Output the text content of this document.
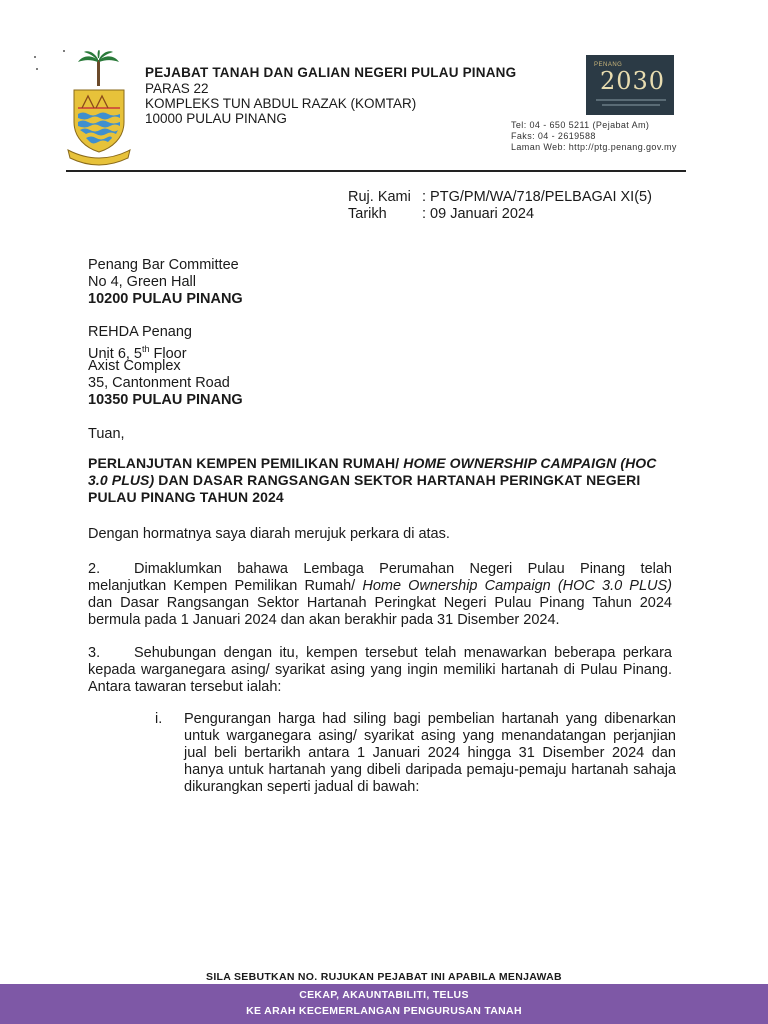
PEJABAT TANAH DAN GALIAN NEGERI PULAU PINANG
PARAS 22
KOMPLEKS TUN ABDUL RAZAK (KOMTAR)
10000 PULAU PINANG
PENANG
2030
Tel: 04 - 650 5211 (Pejabat Am)
Faks: 04 - 2619588
Laman Web: http://ptg.penang.gov.my
Ruj. Kami : PTG/PM/WA/718/PELBAGAI XI(5)
Tarikh : 09 Januari 2024
Penang Bar Committee
No 4, Green Hall
10200 PULAU PINANG
REHDA Penang
Unit 6, 5th Floor
Axist Complex
35, Cantonment Road
10350 PULAU PINANG
Tuan,
PERLANJUTAN KEMPEN PEMILIKAN RUMAH/ HOME OWNERSHIP CAMPAIGN (HOC 3.0 PLUS) DAN DASAR RANGSANGAN SEKTOR HARTANAH PERINGKAT NEGERI PULAU PINANG TAHUN 2024
Dengan hormatnya saya diarah merujuk perkara di atas.
2. Dimaklumkan bahawa Lembaga Perumahan Negeri Pulau Pinang telah melanjutkan Kempen Pemilikan Rumah/ Home Ownership Campaign (HOC 3.0 PLUS) dan Dasar Rangsangan Sektor Hartanah Peringkat Negeri Pulau Pinang Tahun 2024 bermula pada 1 Januari 2024 dan akan berakhir pada 31 Disember 2024.
3. Sehubungan dengan itu, kempen tersebut telah menawarkan beberapa perkara kepada warganegara asing/ syarikat asing yang ingin memiliki hartanah di Pulau Pinang. Antara tawaran tersebut ialah:
i. Pengurangan harga had siling bagi pembelian hartanah yang dibenarkan untuk warganegara asing/ syarikat asing yang menandatangan perjanjian jual beli bertarikh antara 1 Januari 2024 hingga 31 Disember 2024 dan hanya untuk hartanah yang dibeli daripada pemaju-pemaju hartanah sahaja dikurangkan seperti jadual di bawah:
SILA SEBUTKAN NO. RUJUKAN PEJABAT INI APABILA MENJAWAB
CEKAP, AKAUNTABILITI, TELUS
KE ARAH KECEMERLANGAN PENGURUSAN TANAH
